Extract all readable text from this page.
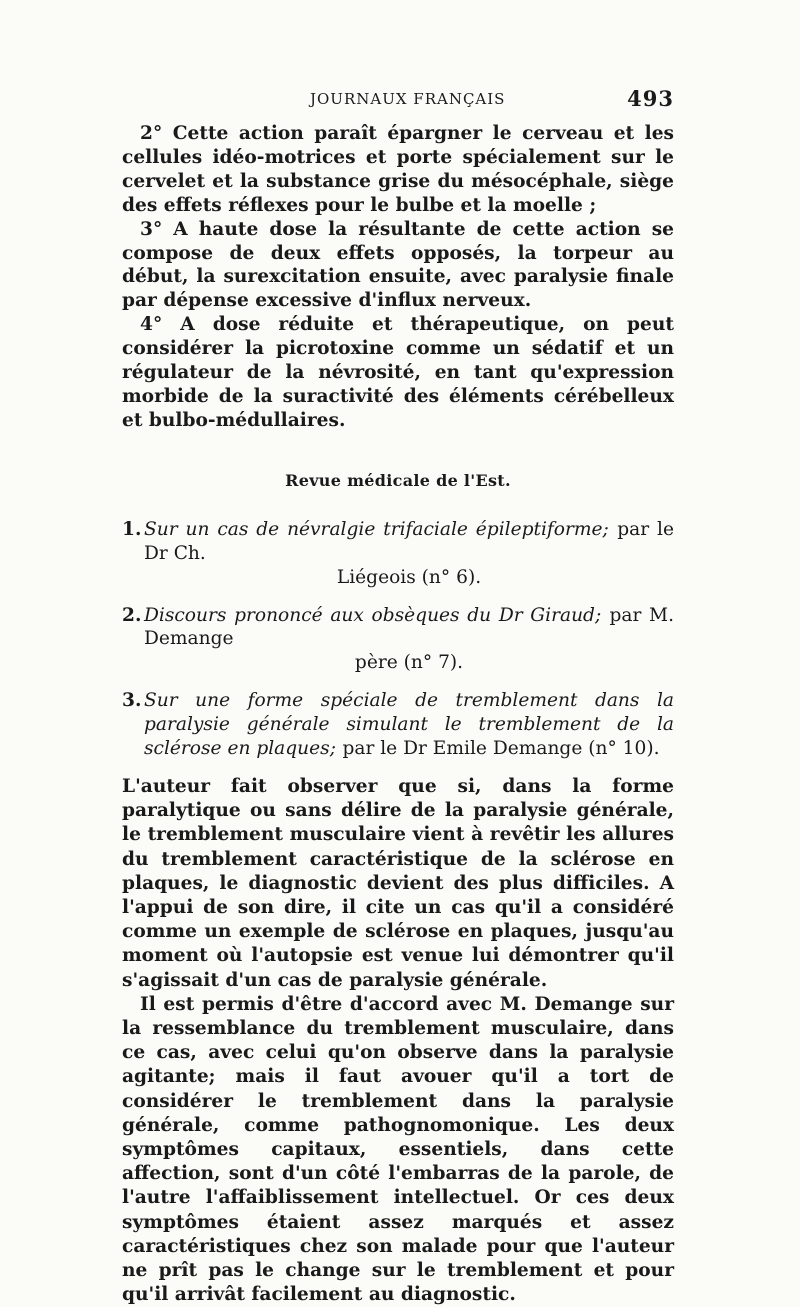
JOURNAUX FRANÇAIS	493

2° Cette action paraît épargner le cerveau et les cellules idéo-motrices et porte spécialement sur le cervelet et la substance grise du mésocéphale, siège des effets réflexes pour le bulbe et la moelle ;

3° A haute dose la résultante de cette action se compose de deux effets opposés, la torpeur au début, la surexcitation ensuite, avec paralysie finale par dépense excessive d'influx nerveux.

4° A dose réduite et thérapeutique, on peut considérer la picrotoxine comme un sédatif et un régulateur de la névrosité, en tant qu'expression morbide de la suractivité des éléments cérébelleux et bulbo-médullaires.

Revue médicale de l'Est.

1. Sur un cas de névralgie trifaciale épileptiforme; par le Dr Ch.
Liégeois (n° 6).

2. Discours prononcé aux obsèques du Dr Giraud; par M. Demange
père (n° 7).

3. Sur une forme spéciale de tremblement dans la paralysie générale simulant le tremblement de la sclérose en plaques; par le Dr Emile Demange (n° 10).

L'auteur fait observer que si, dans la forme paralytique ou sans délire de la paralysie générale, le tremblement musculaire vient à revêtir les allures du tremblement caractéristique de la sclérose en plaques, le diagnostic devient des plus difficiles. A l'appui de son dire, il cite un cas qu'il a considéré comme un exemple de sclérose en plaques, jusqu'au moment où l'autopsie est venue lui démontrer qu'il s'agissait d'un cas de paralysie générale.

Il est permis d'être d'accord avec M. Demange sur la ressemblance du tremblement musculaire, dans ce cas, avec celui qu'on observe dans la paralysie agitante; mais il faut avouer qu'il a tort de considérer le tremblement dans la paralysie générale, comme pathognomonique. Les deux symptômes capitaux, essentiels, dans cette affection, sont d'un côté l'embarras de la parole, de l'autre l'affaiblissement intellectuel. Or ces deux symptômes étaient assez marqués et assez caractéristiques chez son malade pour que l'auteur ne prît pas le change sur le tremblement et pour qu'il arrivât facilement au diagnostic.
